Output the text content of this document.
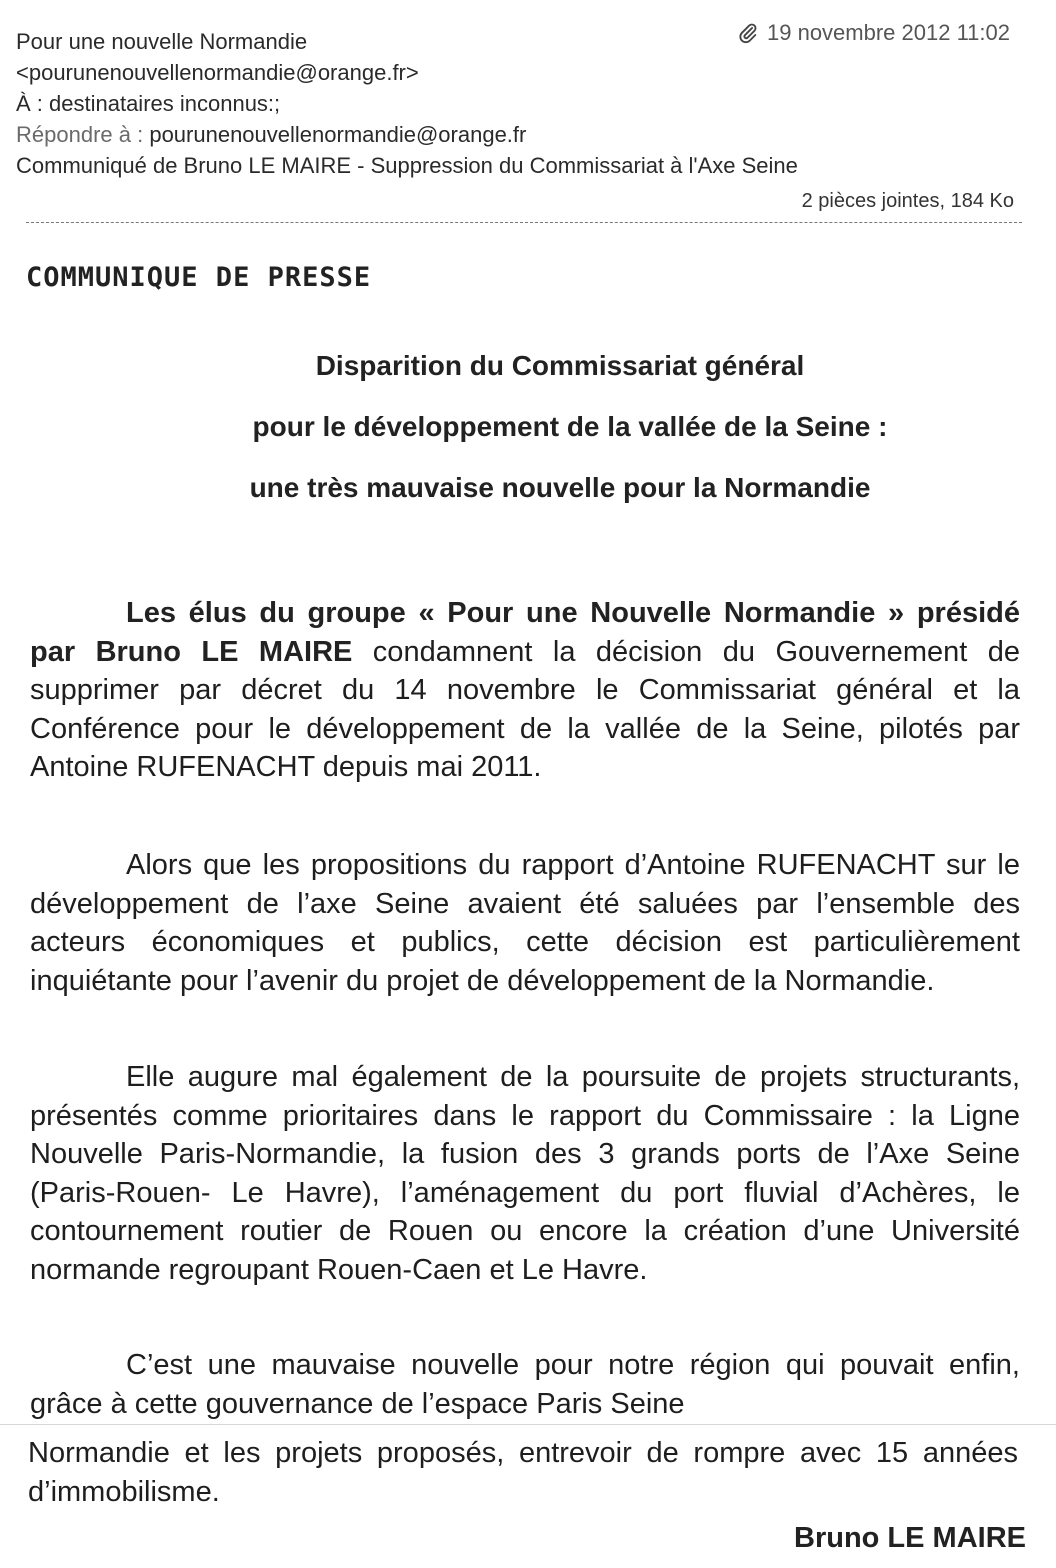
Pour une nouvelle Normandie
<pourunenouvellenormandie@orange.fr>
À : destinataires inconnus:;
Répondre à : pourunenouvellenormandie@orange.fr
Communiqué de Bruno LE MAIRE - Suppression du Commissariat à l'Axe Seine
19 novembre 2012 11:02
2 pièces jointes, 184 Ko
COMMUNIQUE DE PRESSE
Disparition du Commissariat général
pour le développement de la vallée de la Seine :
une très mauvaise nouvelle pour la Normandie
Les élus du groupe « Pour une Nouvelle Normandie » présidé par Bruno LE MAIRE condamnent la décision du Gouvernement de supprimer par décret du 14 novembre le Commissariat général et la Conférence pour le développement de la vallée de la Seine, pilotés par Antoine RUFENACHT depuis mai 2011.
Alors que les propositions du rapport d’Antoine RUFENACHT sur le développement de l’axe Seine avaient été saluées par l’ensemble des acteurs économiques et publics, cette décision est particulièrement inquiétante pour l’avenir du projet de développement de la Normandie.
Elle augure mal également de la poursuite de projets structurants, présentés comme prioritaires dans le rapport du Commissaire : la Ligne Nouvelle Paris-Normandie, la fusion des 3 grands ports de l’Axe Seine (Paris-Rouen- Le Havre), l’aménagement du port fluvial d’Achères, le contournement routier de Rouen ou encore la création d’une Université normande regroupant Rouen-Caen et Le Havre.
C’est une mauvaise nouvelle pour notre région qui pouvait enfin, grâce à cette gouvernance de l’espace Paris Seine
Normandie et les projets proposés, entrevoir de rompre avec 15 années d’immobilisme.
Bruno LE MAIRE
